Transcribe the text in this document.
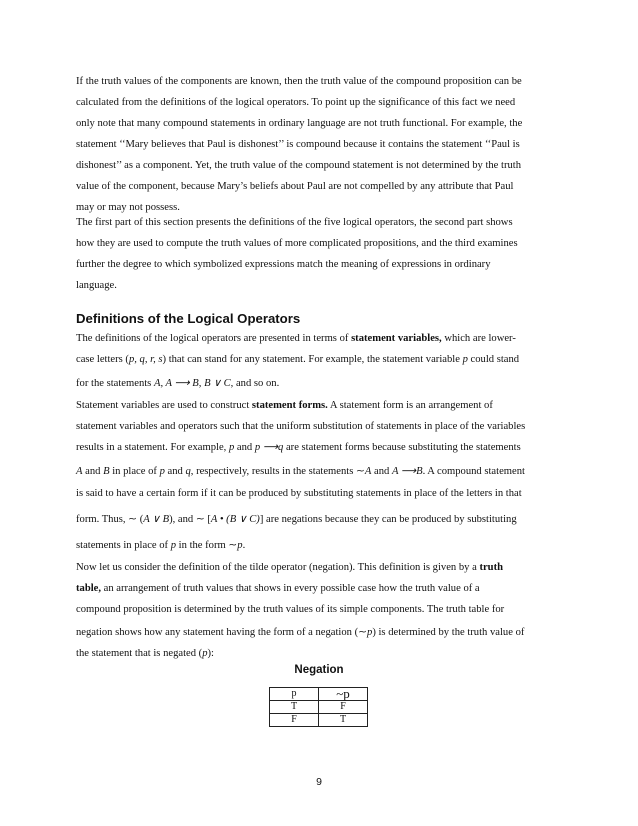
If the truth values of the components are known, then the truth value of the compound proposition can be
calculated from the definitions of the logical operators. To point up the significance of this fact we need
only note that many compound statements in ordinary language are not truth functional. For example, the
statement ‘‘Mary believes that Paul is dishonest’’ is compound because it contains the statement ‘‘Paul is
dishonest’’ as a component. Yet, the truth value of the compound statement is not determined by the truth
value of the component, because Mary’s beliefs about Paul are not compelled by any attribute that Paul
may or may not possess.
The first part of this section presents the definitions of the five logical operators, the second part shows
how they are used to compute the truth values of more complicated propositions, and the third examines
further the degree to which symbolized expressions match the meaning of expressions in ordinary
language.
Definitions of the Logical Operators
The definitions of the logical operators are presented in terms of statement variables, which are lower-
case letters (p, q, r, s) that can stand for any statement. For example, the statement variable p could stand
for the statements A, A ⟶ B, B ∨ C, and so on.
Statement variables are used to construct statement forms. A statement form is an arrangement of
statement variables and operators such that the uniform substitution of statements in place of the variables
results in a statement. For example, p and p ⟶q are statement forms because substituting the statements
A and B in place of p and q, respectively, results in the statements ∼A and A ⟶B. A compound statement
is said to have a certain form if it can be produced by substituting statements in place of the letters in that
form. Thus, ∼ (A ∨ B), and ∼ [A • (B ∨ C)] are negations because they can be produced by substituting
statements in place of p in the form ∼p.
Now let us consider the definition of the tilde operator (negation). This definition is given by a truth
table, an arrangement of truth values that shows in every possible case how the truth value of a
compound proposition is determined by the truth values of its simple components. The truth table for
negation shows how any statement having the form of a negation (∼p) is determined by the truth value of
the statement that is negated (p):
Negation
p	~p
T	F
F	T
9
